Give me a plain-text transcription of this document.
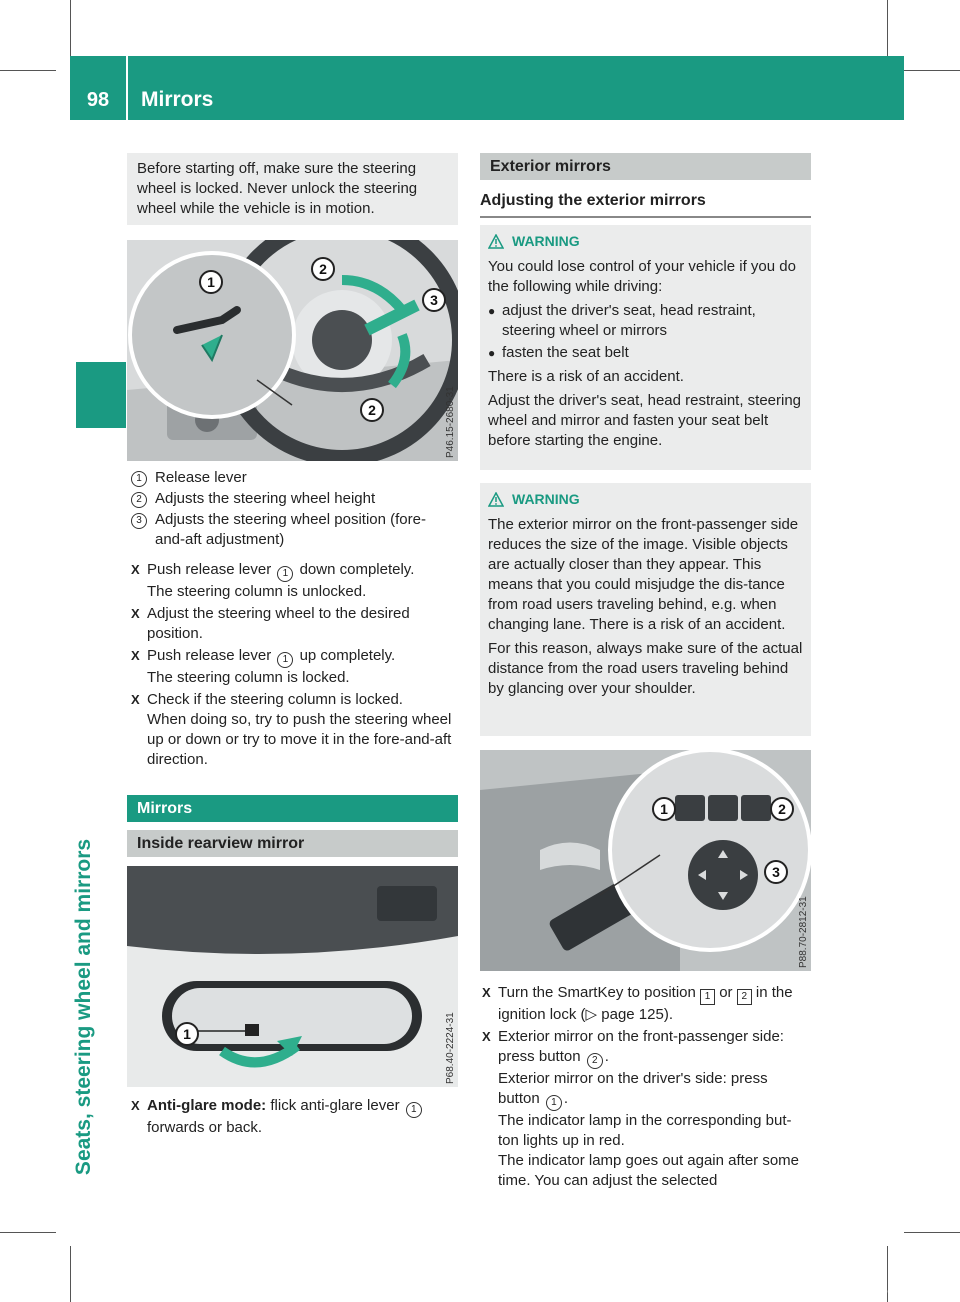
98	Mirrors
Seats, steering wheel and mirrors

Before starting off, make sure the steering wheel is locked. Never unlock the steering wheel while the vehicle is in motion.

1
2
3
2	P46.15-2680-31
1 Release lever
2 Adjusts the steering wheel height
3 Adjusts the steering wheel position (fore-and-aft adjustment)
X Push release lever 1 down completely.
The steering column is unlocked.
X Adjust the steering wheel to the desired position.
X Push release lever 1 up completely.
The steering column is locked.
X Check if the steering column is locked.
When doing so, try to push the steering wheel up or down or try to move it in the fore-and-aft direction.
Mirrors
Inside rearview mirror
1	P68.40-2224-31
X Anti-glare mode: flick anti-glare lever 1 forwards or back.
Exterior mirrors
Adjusting the exterior mirrors
WARNING

You could lose control of your vehicle if you do the following while driving:

● adjust the driver's seat, head restraint, steering wheel or mirrors
● fasten the seat belt

There is a risk of an accident.

Adjust the driver's seat, head restraint, steering wheel and mirror and fasten your seat belt before starting the engine.

WARNING

The exterior mirror on the front-passenger side reduces the size of the image. Visible objects are actually closer than they appear. This means that you could misjudge the dis-tance from road users traveling behind, e.g. when changing lane. There is a risk of an accident.

For this reason, always make sure of the actual distance from the road users traveling behind by glancing over your shoulder.

1	2
3
P88.70-2812-31
X Turn the SmartKey to position 1 or 2 in the ignition lock (▷ page 125).
X Exterior mirror on the front-passenger side: press button 2 .
Exterior mirror on the driver's side: press button 1 .
The indicator lamp in the corresponding but-ton lights up in red.
The indicator lamp goes out again after some time. You can adjust the selected
carmanualsonline.info
